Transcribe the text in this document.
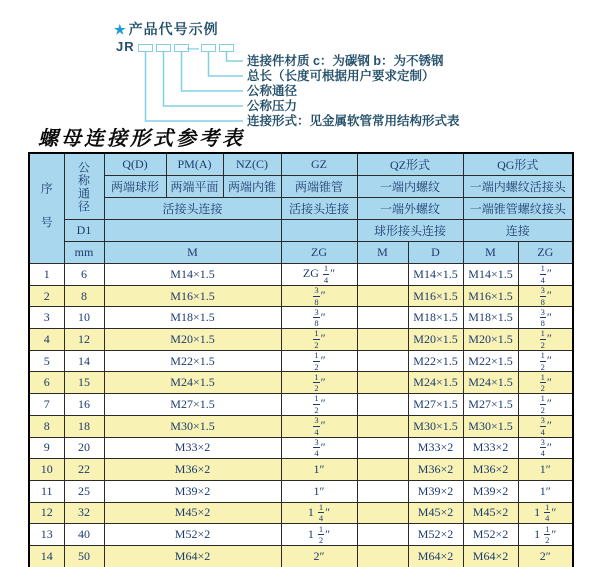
★ 产品代号示例
JR	—
连接件材质 c：为碳钢 b：为不锈钢
总长（长度可根据用户要求定制）
公称通径
公称压力
连接形式：见金属软管常用结构形式表
螺母连接形式参考表
序号	公称通径	Q(D)	PM(A)	NZ(C)	GZ	QZ形式		QG形式	
		两端球形	两端平面	两端内锥	两端锥管	一端内螺纹		一端内螺纹活接头	
		活接头连接			活接头连接	一端外螺纹		一端锥管螺纹接头	
	D1					球形接头连接		连接	
	mm	M			ZG	M	D	M	ZG
1	6	M14×1.5			ZG $\frac{1}{4}$ ″		M14×1.5	M14×1.5	$\frac{1}{4}$ ″
2	8	M16×1.5			$\frac{3}{8}$ ″		M16×1.5	M16×1.5	$\frac{3}{8}$ ″
3	10	M18×1.5			$\frac{3}{8}$ ″		M18×1.5	M18×1.5	$\frac{3}{8}$ ″
4	12	M20×1.5			$\frac{1}{2}$ ″		M20×1.5	M20×1.5	$\frac{1}{2}$ ″
5	14	M22×1.5			$\frac{1}{2}$ ″		M22×1.5	M22×1.5	$\frac{1}{2}$ ″
6	15	M24×1.5			$\frac{1}{2}$ ″		M24×1.5	M24×1.5	$\frac{1}{2}$ ″
7	16	M27×1.5			$\frac{1}{2}$ ″		M27×1.5	M27×1.5	$\frac{1}{2}$ ″
8	18	M30×1.5			$\frac{3}{4}$ ″		M30×1.5	M30×1.5	$\frac{3}{4}$ ″
9	20	M33×2			$\frac{3}{4}$ ″		M33×2	M33×2	$\frac{3}{4}$ ″
10	22	M36×2			1″		M36×2	M36×2	1″
11	25	M39×2			1″		M39×2	M39×2	1″
12	32	M45×2			$1 \frac{1}{4}$ ″		M45×2	M45×2	$1 \frac{1}{4}$ ″
13	40	M52×2			$1 \frac{1}{2}$ ″		M52×2	M52×2	$1 \frac{1}{2}$ ″
14	50	M64×2			2″		M64×2	M64×2	2″
